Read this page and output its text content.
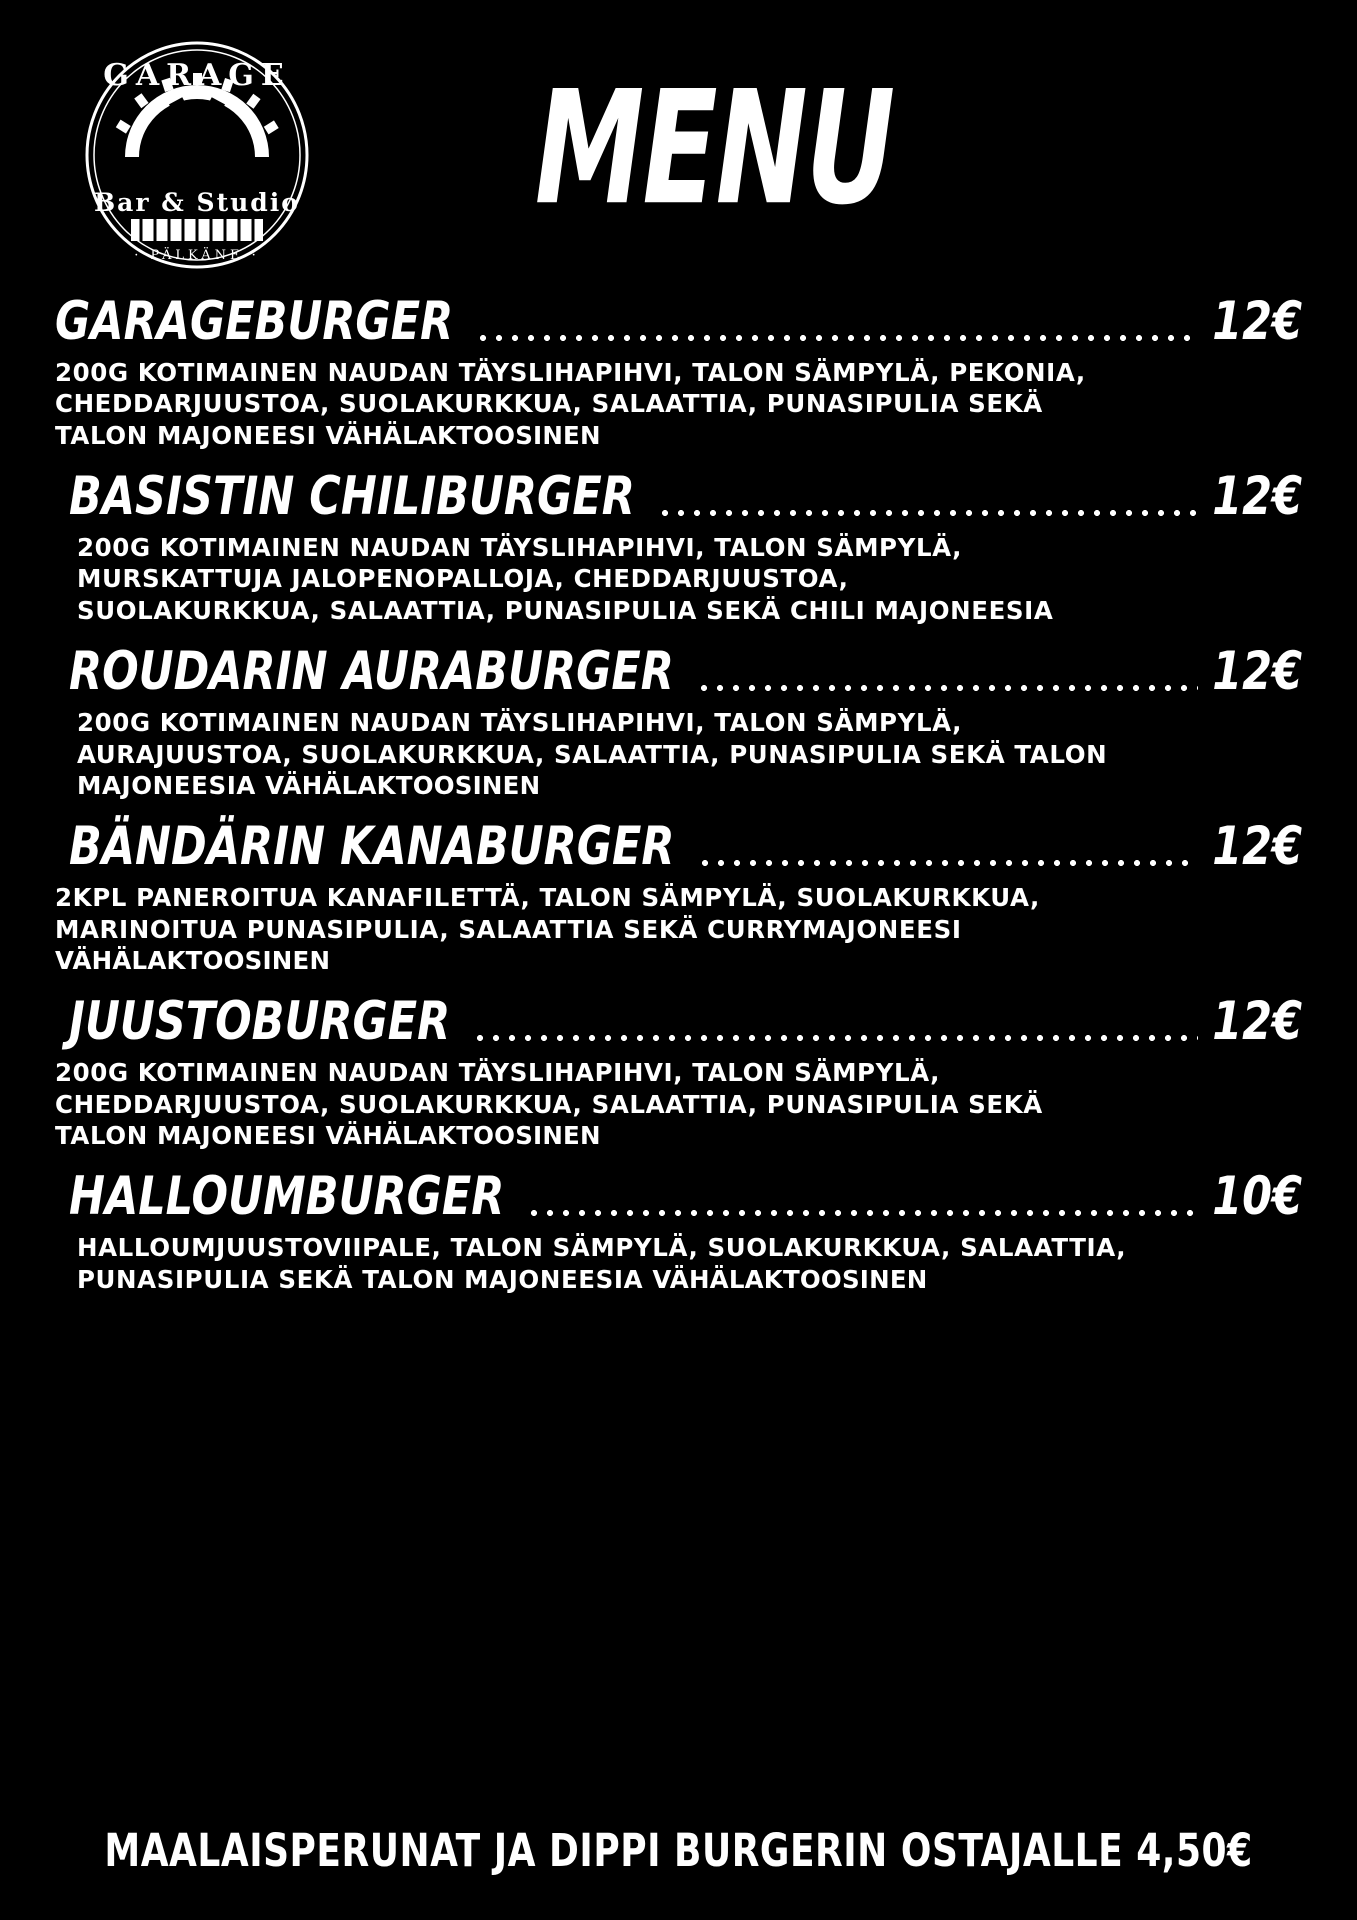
GARAGE
Bar & Studio
· PÄLKÄNE ·
MENU
GARAGEBURGER	12€
200G KOTIMAINEN NAUDAN TÄYSLIHAPIHVI, TALON SÄMPYLÄ, PEKONIA,
CHEDDARJUUSTOA, SUOLAKURKKUA, SALAATTIA, PUNASIPULIA SEKÄ
TALON MAJONEESI VÄHÄLAKTOOSINEN
BASISTIN CHILIBURGER	12€
200G KOTIMAINEN NAUDAN TÄYSLIHAPIHVI, TALON SÄMPYLÄ,
MURSKATTUJA JALOPENOPALLOJA, CHEDDARJUUSTOA,
SUOLAKURKKUA, SALAATTIA, PUNASIPULIA SEKÄ CHILI MAJONEESIA
ROUDARIN AURABURGER	12€
200G KOTIMAINEN NAUDAN TÄYSLIHAPIHVI, TALON SÄMPYLÄ,
AURAJUUSTOA, SUOLAKURKKUA, SALAATTIA, PUNASIPULIA SEKÄ TALON
MAJONEESIA VÄHÄLAKTOOSINEN
BÄNDÄRIN KANABURGER	12€
2KPL PANEROITUA KANAFILETTÄ, TALON SÄMPYLÄ, SUOLAKURKKUA,
MARINOITUA PUNASIPULIA, SALAATTIA SEKÄ CURRYMAJONEESI
VÄHÄLAKTOOSINEN
JUUSTOBURGER	12€
200G KOTIMAINEN NAUDAN TÄYSLIHAPIHVI, TALON SÄMPYLÄ,
CHEDDARJUUSTOA, SUOLAKURKKUA, SALAATTIA, PUNASIPULIA SEKÄ
TALON MAJONEESI VÄHÄLAKTOOSINEN
HALLOUMBURGER	10€
HALLOUMJUUSTOVIIPALE, TALON SÄMPYLÄ, SUOLAKURKKUA, SALAATTIA,
PUNASIPULIA SEKÄ TALON MAJONEESIA VÄHÄLAKTOOSINEN
MAALAISPERUNAT JA DIPPI BURGERIN OSTAJALLE 4,50€
